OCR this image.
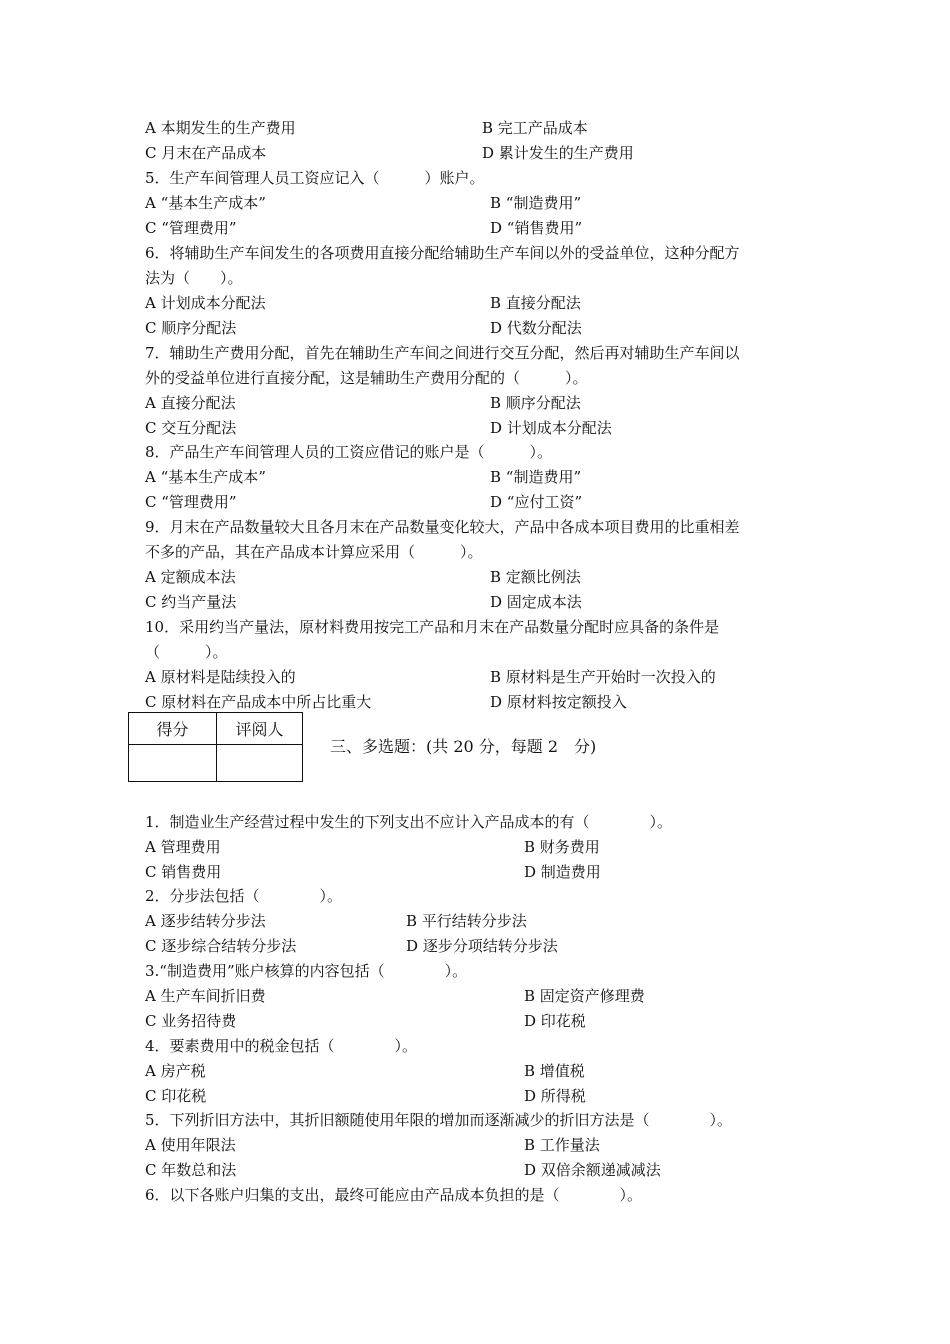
A 本期发生的生产费用	B 完工产品成本
C 月末在产品成本	D 累计发生的生产费用
5．生产车间管理人员工资应记入（　　　）账户。
A “基本生产成本”	B “制造费用”
C “管理费用”	D “销售费用”
6．将辅助生产车间发生的各项费用直接分配给辅助生产车间以外的受益单位，这种分配方
法为（　　）。
A 计划成本分配法	B 直接分配法
C 顺序分配法	D 代数分配法
7．辅助生产费用分配，首先在辅助生产车间之间进行交互分配，然后再对辅助生产车间以
外的受益单位进行直接分配，这是辅助生产费用分配的（　　　）。
A 直接分配法	B 顺序分配法
C 交互分配法	D 计划成本分配法
8．产品生产车间管理人员的工资应借记的账户是（　　　）。
A “基本生产成本”	B “制造费用”
C “管理费用”	D “应付工资”
9．月末在产品数量较大且各月末在产品数量变化较大，产品中各成本项目费用的比重相差
不多的产品，其在产品成本计算应采用（　　　）。
A 定额成本法	B 定额比例法
C 约当产量法	D 固定成本法
10．采用约当产量法，原材料费用按完工产品和月末在产品数量分配时应具备的条件是
（　　　）。
A 原材料是陆续投入的	B 原材料是生产开始时一次投入的
C 原材料在产品成本中所占比重大	D 原材料按定额投入
得分	评阅人

三、多选题：(共 20 分，每题 2　分)
1．制造业生产经营过程中发生的下列支出不应计入产品成本的有（　　　　）。
A 管理费用	B 财务费用
C 销售费用	D 制造费用
2．分步法包括（　　　　）。
A 逐步结转分步法	B 平行结转分步法
C 逐步综合结转分步法	D 逐步分项结转分步法
3.“制造费用”账户核算的内容包括（　　　　）。
A 生产车间折旧费	B 固定资产修理费
C 业务招待费	D 印花税
4．要素费用中的税金包括（　　　　）。
A 房产税	B 增值税
C 印花税	D 所得税
5．下列折旧方法中，其折旧额随使用年限的增加而逐渐减少的折旧方法是（　　　　）。
A 使用年限法	B 工作量法
C 年数总和法	D 双倍余额递减减法
6．以下各账户归集的支出，最终可能应由产品成本负担的是（　　　　）。
